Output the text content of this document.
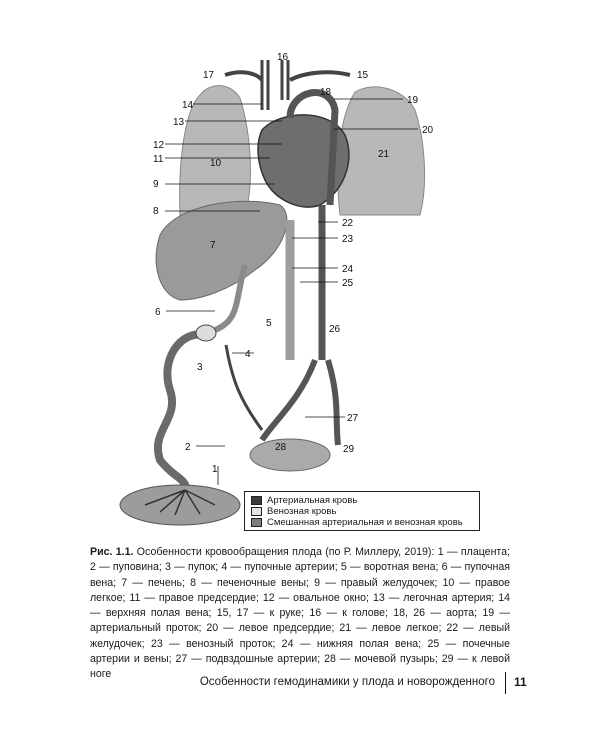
1
2
3
4
5
6
7
8
9
10
11
12
13
14
15
16
17
18
19
20
21
22
23
24
25
26
27
28	29
Артериальная кровь
Венозная кровь
Смешанная артериальная и венозная кровь
Рис. 1.1. Особенности кровообращения плода (по Р. Миллеру, 2019): 1 — плацента; 2 — пуповина; 3 — пупок; 4 — пупочные артерии; 5 — воротная вена; 6 — пупочная вена; 7 — печень; 8 — печеночные вены; 9 — правый желудочек; 10 — правое легкое; 11 — правое предсердие; 12 — овальное окно; 13 — легочная артерия; 14 — верхняя полая вена; 15, 17 — к руке; 16 — к голове; 18, 26 — аорта; 19 — артериальный проток; 20 — левое предсердие; 21 — левое легкое; 22 — левый желудочек; 23 — венозный проток; 24 — нижняя полая вена; 25 — почечные артерии и вены; 27 — подвздошные артерии; 28 — мочевой пузырь; 29 — к левой ноге
Особенности гемодинамики у плода и новорожденного 11
